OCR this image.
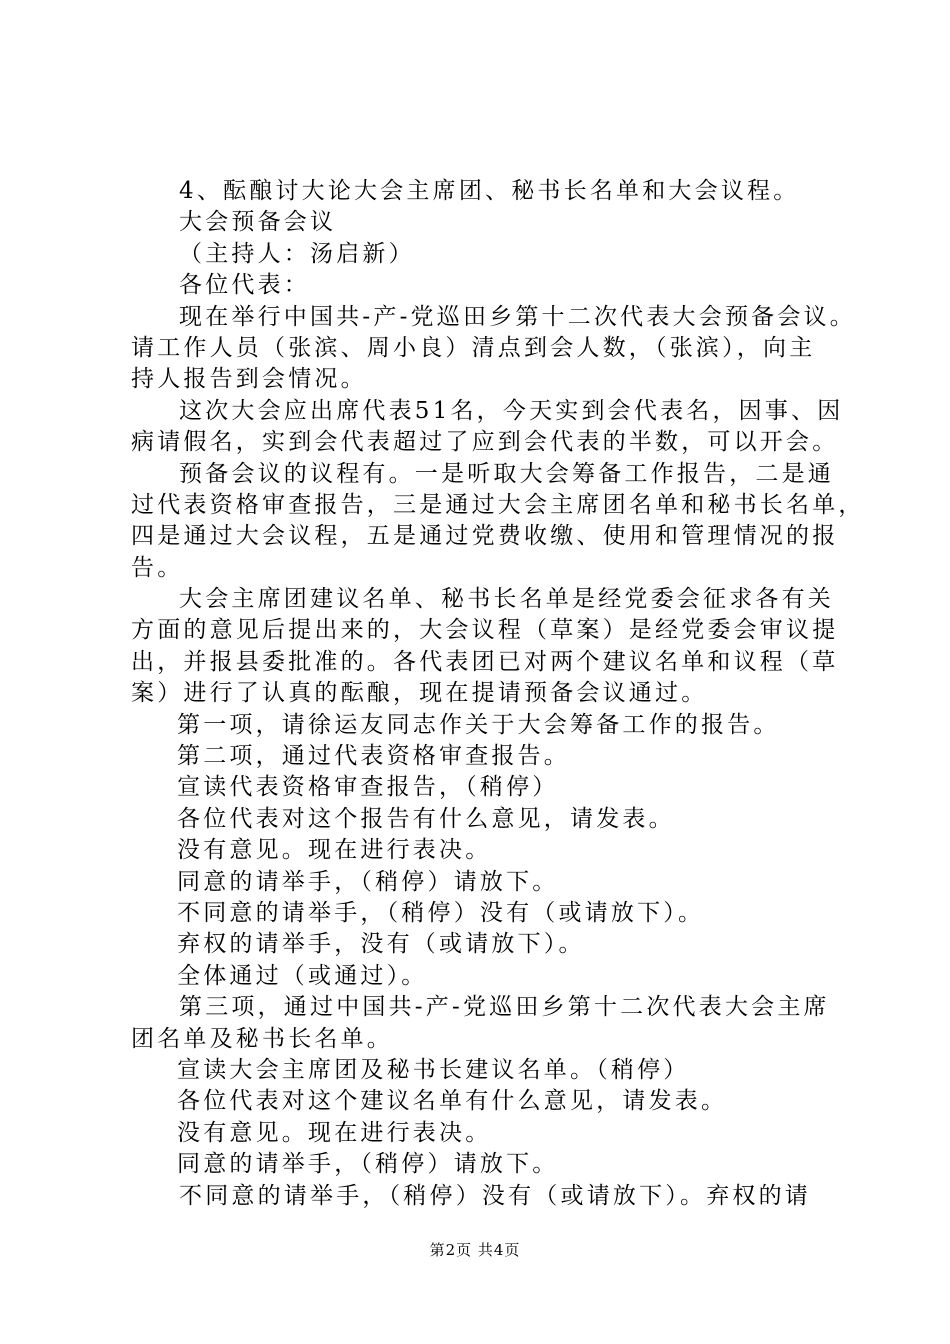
4、酝酿讨大论大会主席团、秘书长名单和大会议程。
大会预备会议
（主持人：汤启新）
各位代表：
现在举行中国共-产-党巡田乡第十二次代表大会预备会议。
请工作人员（张滨、周小良）清点到会人数，（张滨），向主
持人报告到会情况。
这次大会应出席代表51名，今天实到会代表名，因事、因
病请假名，实到会代表超过了应到会代表的半数，可以开会。
预备会议的议程有。一是听取大会筹备工作报告，二是通
过代表资格审查报告，三是通过大会主席团名单和秘书长名单，
四是通过大会议程，五是通过党费收缴、使用和管理情况的报
告。
大会主席团建议名单、秘书长名单是经党委会征求各有关
方面的意见后提出来的，大会议程（草案）是经党委会审议提
出，并报县委批准的。各代表团已对两个建议名单和议程（草
案）进行了认真的酝酿，现在提请预备会议通过。
第一项，请徐运友同志作关于大会筹备工作的报告。
第二项，通过代表资格审查报告。
宣读代表资格审查报告，（稍停）
各位代表对这个报告有什么意见，请发表。
没有意见。现在进行表决。
同意的请举手，（稍停）请放下。
不同意的请举手，（稍停）没有（或请放下）。
弃权的请举手，没有（或请放下）。
全体通过（或通过）。
第三项，通过中国共-产-党巡田乡第十二次代表大会主席
团名单及秘书长名单。
宣读大会主席团及秘书长建议名单。（稍停）
各位代表对这个建议名单有什么意见，请发表。
没有意见。现在进行表决。
同意的请举手，（稍停）请放下。
不同意的请举手，（稍停）没有（或请放下）。弃权的请
第2页 共4页
